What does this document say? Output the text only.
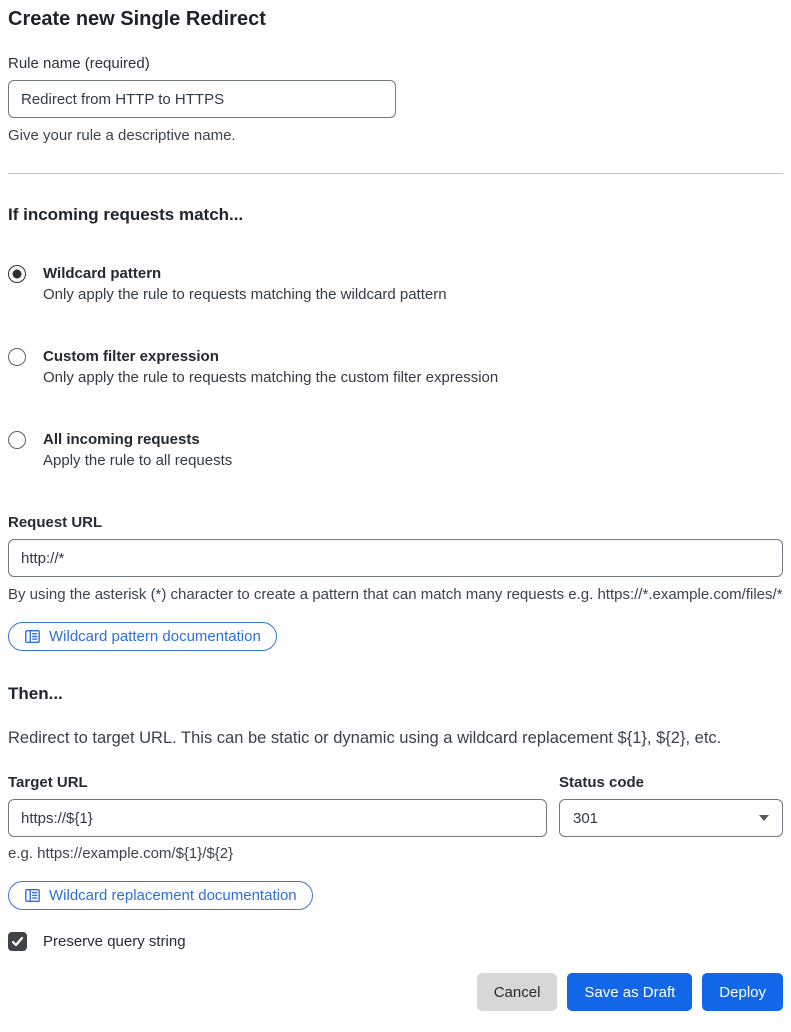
Create new Single Redirect
Rule name (required)
Redirect from HTTP to HTTPS
Give your rule a descriptive name.
If incoming requests match...
Wildcard pattern
Only apply the rule to requests matching the wildcard pattern
Custom filter expression
Only apply the rule to requests matching the custom filter expression
All incoming requests
Apply the rule to all requests
Request URL
http://*
By using the asterisk (*) character to create a pattern that can match many requests e.g. https://*.example.com/files/*
Wildcard pattern documentation
Then...

Redirect to target URL. This can be static or dynamic using a wildcard replacement ${1}, ${2}, etc.

Target URL
https://${1}
e.g. https://example.com/${1}/${2}
Status code
301
Wildcard replacement documentation
Preserve query string
Cancel	Save as Draft	Deploy
